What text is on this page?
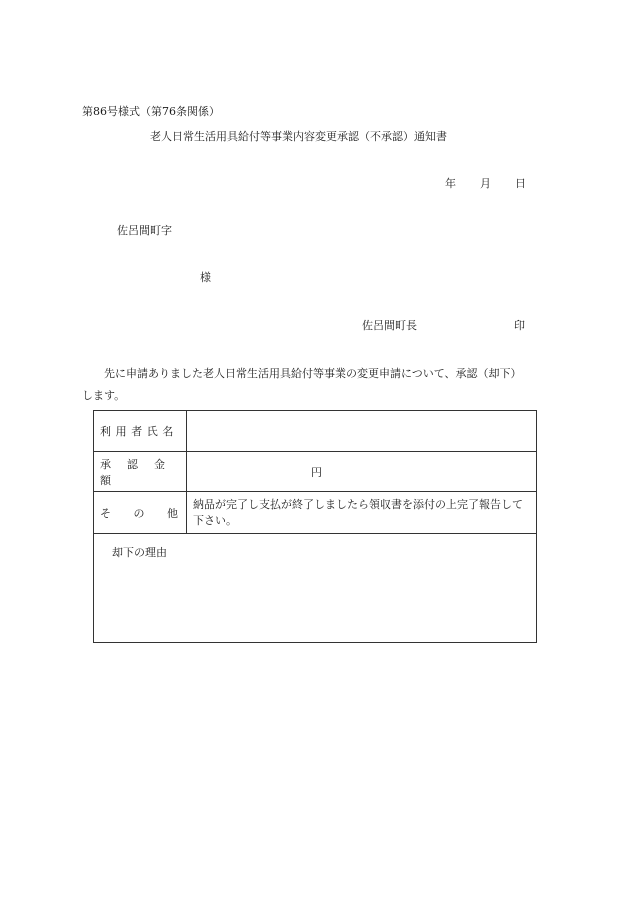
第86号様式（第76条関係）
老人日常生活用具給付等事業内容変更承認（不承認）通知書
年 月 日
佐呂間町字
様
佐呂間町長	印
先に申請ありました老人日常生活用具給付等事業の変更申請について、承認（却下）
します。
利用者氏名
承認金額
円
そ の 他
納品が完了し支払が終了しましたら領収書を添付の上完了報告して下さい。
却下の理由
